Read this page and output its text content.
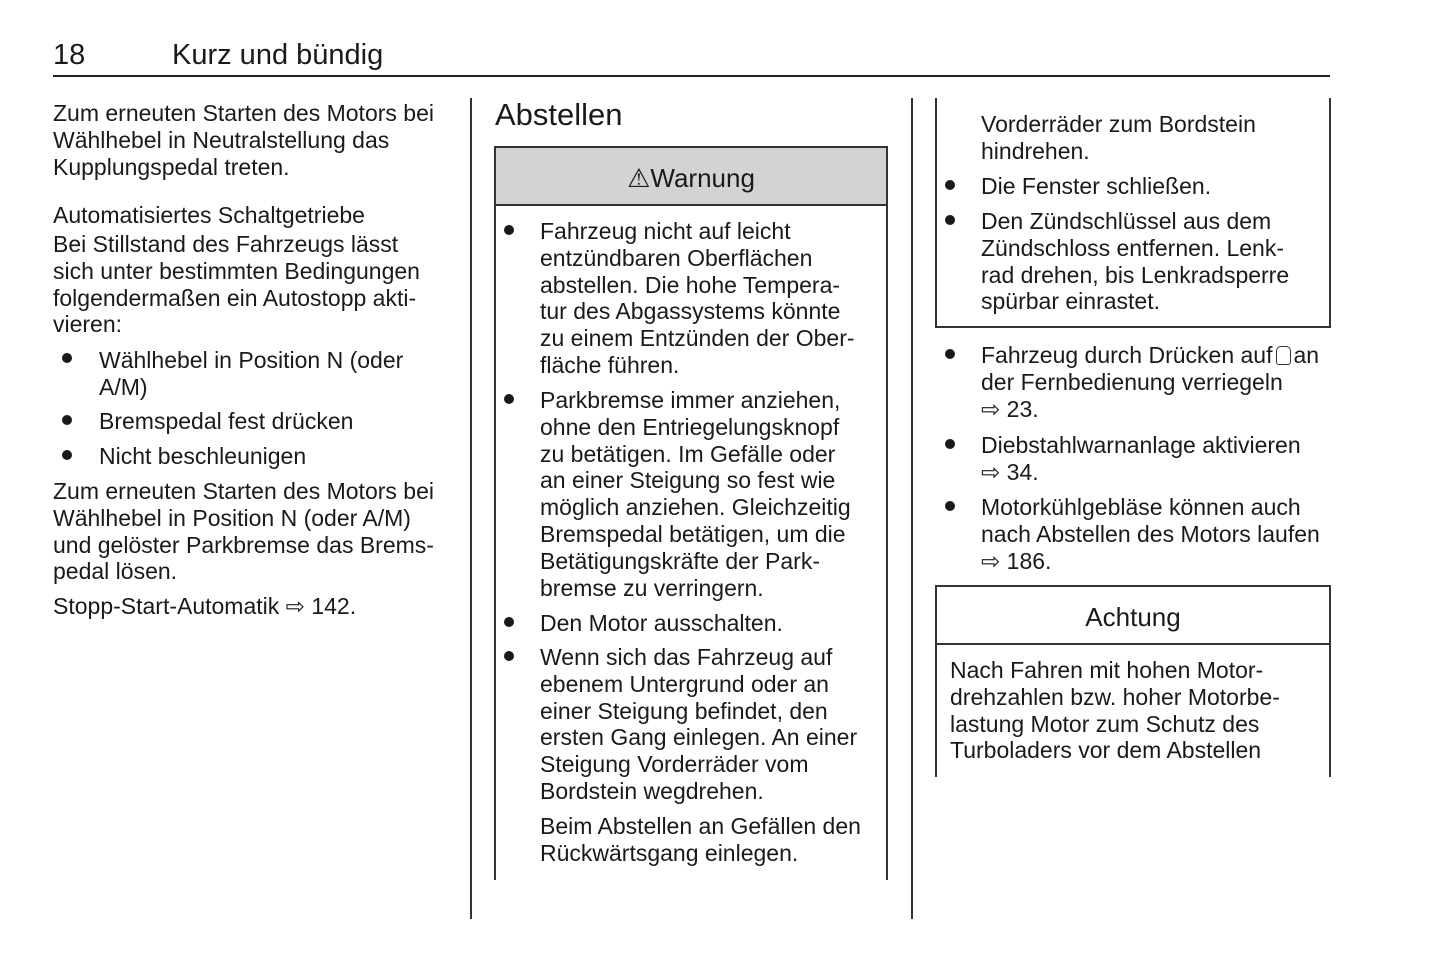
18	Kurz und bündig
Zum erneuten Starten des Motors bei
Wählhebel in Neutralstellung das
Kupplungspedal treten.
Automatisiertes Schaltgetriebe
Bei Stillstand des Fahrzeugs lässt
sich unter bestimmten Bedingungen
folgendermaßen ein Autostopp akti-
vieren:
Wählhebel in Position N (oder
A/M)
Bremspedal fest drücken
Nicht beschleunigen
Zum erneuten Starten des Motors bei
Wählhebel in Position N (oder A/M)
und gelöster Parkbremse das Brems-
pedal lösen.
Stopp-Start-Automatik ⇨ 142.
Abstellen
⚠Warnung
Fahrzeug nicht auf leicht
entzündbaren Oberflächen
abstellen. Die hohe Tempera-
tur des Abgassystems könnte
zu einem Entzünden der Ober-
fläche führen.
Parkbremse immer anziehen,
ohne den Entriegelungsknopf
zu betätigen. Im Gefälle oder
an einer Steigung so fest wie
möglich anziehen. Gleichzeitig
Bremspedal betätigen, um die
Betätigungskräfte der Park-
bremse zu verringern.
Den Motor ausschalten.
Wenn sich das Fahrzeug auf
ebenem Untergrund oder an
einer Steigung befindet, den
ersten Gang einlegen. An einer
Steigung Vorderräder vom
Bordstein wegdrehen.
Beim Abstellen an Gefällen den
Rückwärtsgang einlegen.
Vorderräder zum Bordstein
hindrehen.
Die Fenster schließen.
Den Zündschlüssel aus dem
Zündschloss entfernen. Lenk-
rad drehen, bis Lenkradsperre
spürbar einrastet.
Fahrzeug durch Drücken auf an
der Fernbedienung verriegeln
⇨ 23.
Diebstahlwarnanlage aktivieren
⇨ 34.
Motorkühlgebläse können auch
nach Abstellen des Motors laufen
⇨ 186.
Achtung
Nach Fahren mit hohen Motor-
drehzahlen bzw. hoher Motorbe-
lastung Motor zum Schutz des
Turboladers vor dem Abstellen
